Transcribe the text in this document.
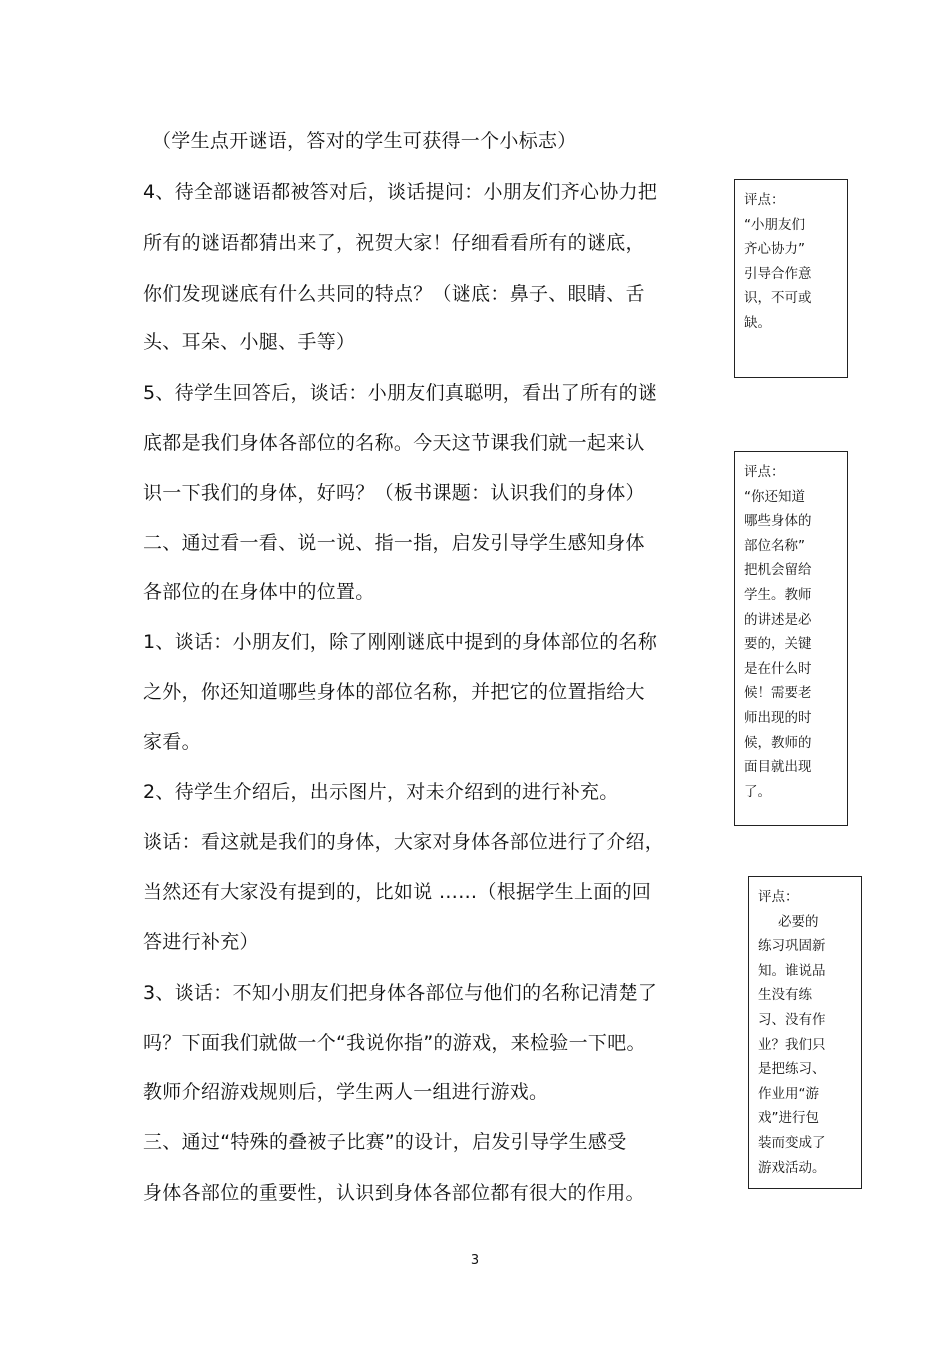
（学生点开谜语，答对的学生可获得一个小标志）
4、待全部谜语都被答对后，谈话提问：小朋友们齐心协力把
所有的谜语都猜出来了，祝贺大家！仔细看看所有的谜底，
你们发现谜底有什么共同的特点？（谜底：鼻子、眼睛、舌
头、耳朵、小腿、手等）
5、待学生回答后，谈话：小朋友们真聪明，看出了所有的谜
底都是我们身体各部位的名称。今天这节课我们就一起来认
识一下我们的身体，好吗？（板书课题：认识我们的身体）
二、通过看一看、说一说、指一指，启发引导学生感知身体
各部位的在身体中的位置。
1、谈话：小朋友们，除了刚刚谜底中提到的身体部位的名称
之外，你还知道哪些身体的部位名称，并把它的位置指给大
家看。
2、待学生介绍后，出示图片，对未介绍到的进行补充。
谈话：看这就是我们的身体，大家对身体各部位进行了介绍，
当然还有大家没有提到的，比如说 ……（根据学生上面的回
答进行补充）
3、谈话：不知小朋友们把身体各部位与他们的名称记清楚了
吗？下面我们就做一个“我说你指”的游戏，来检验一下吧。
教师介绍游戏规则后，学生两人一组进行游戏。
三、通过“特殊的叠被子比赛”的设计，启发引导学生感受
身体各部位的重要性，认识到身体各部位都有很大的作用。
评点：
“小朋友们
齐心协力”
引导合作意
识，不可或
缺。
评点：
“你还知道
哪些身体的
部位名称”
把机会留给
学生。教师
的讲述是必
要的，关键
是在什么时
候！需要老
师出现的时
候，教师的
面目就出现
了。
评点：
必要的
练习巩固新
知。谁说品
生没有练
习、没有作
业？我们只
是把练习、
作业用“游
戏”进行包
装而变成了
游戏活动。
3
